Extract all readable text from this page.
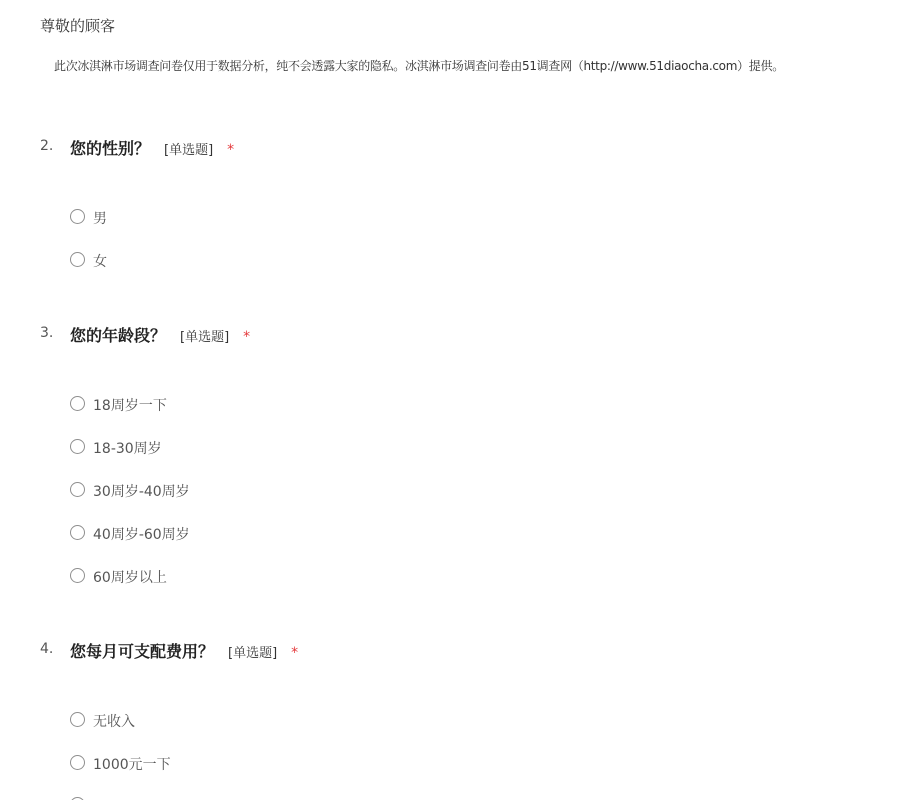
尊敬的顾客
此次冰淇淋市场调查问卷仅用于数据分析，纯不会透露大家的隐私。冰淇淋市场调查问卷由51调查网（http://www.51diaocha.com）提供。
2. 您的性别？ [单选题] *
男
女
3. 您的年龄段？ [单选题] *
18周岁一下
18-30周岁
30周岁-40周岁
40周岁-60周岁
60周岁以上
4. 您每月可支配费用？ [单选题] *
无收入
1000元一下
